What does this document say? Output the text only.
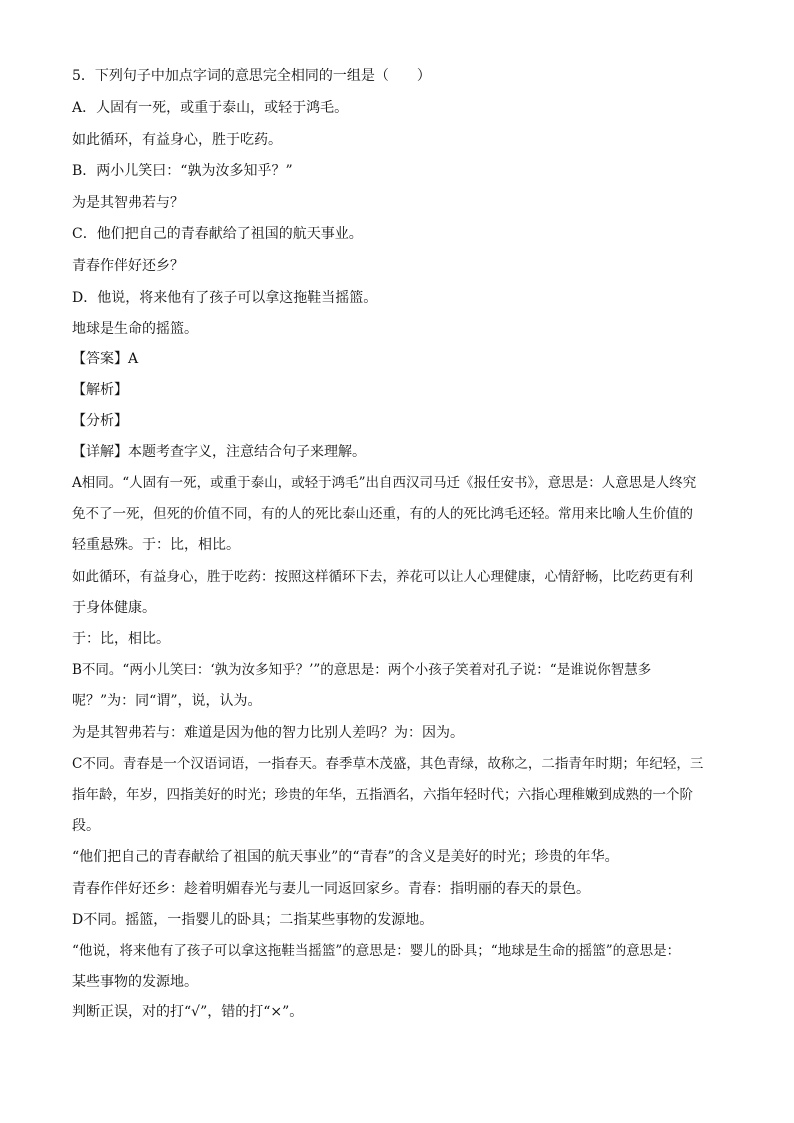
5．下列句子中加点字词的意思完全相同的一组是（　　）
A．人固有一死，或重于泰山，或轻于鸿毛。
如此循环，有益身心，胜于吃药。
B．两小儿笑曰：“孰为汝多知乎？”
为是其智弗若与？
C．他们把自己的青春献给了祖国的航天事业。
青春作伴好还乡？
D．他说，将来他有了孩子可以拿这拖鞋当摇篮。
地球是生命的摇篮。
【答案】A
【解析】
【分析】
【详解】本题考查字义，注意结合句子来理解。
A相同。“人固有一死，或重于泰山，或轻于鸿毛”出自西汉司马迁《报任安书》，意思是：人意思是人终究
免不了一死，但死的价值不同，有的人的死比泰山还重，有的人的死比鸿毛还轻。常用来比喻人生价值的
轻重悬殊。于：比，相比。
如此循环，有益身心，胜于吃药：按照这样循环下去，养花可以让人心理健康，心情舒畅，比吃药更有利
于身体健康。
于：比，相比。
B不同。“两小儿笑曰：‘孰为汝多知乎？’”的意思是：两个小孩子笑着对孔子说：“是谁说你智慧多
呢？”为：同“谓”，说，认为。
为是其智弗若与：难道是因为他的智力比别人差吗？为：因为。
C不同。青春是一个汉语词语，一指春天。春季草木茂盛，其色青绿，故称之，二指青年时期；年纪轻，三
指年龄，年岁，四指美好的时光；珍贵的年华，五指酒名，六指年轻时代；六指心理稚嫩到成熟的一个阶
段。
“他们把自己的青春献给了祖国的航天事业”的“青春”的含义是美好的时光；珍贵的年华。
青春作伴好还乡：趁着明媚春光与妻儿一同返回家乡。青春：指明丽的春天的景色。
D不同。摇篮，一指婴儿的卧具；二指某些事物的发源地。
“他说，将来他有了孩子可以拿这拖鞋当摇篮”的意思是：婴儿的卧具；“地球是生命的摇篮”的意思是：
某些事物的发源地。
判断正误，对的打“√”，错的打“×”。
